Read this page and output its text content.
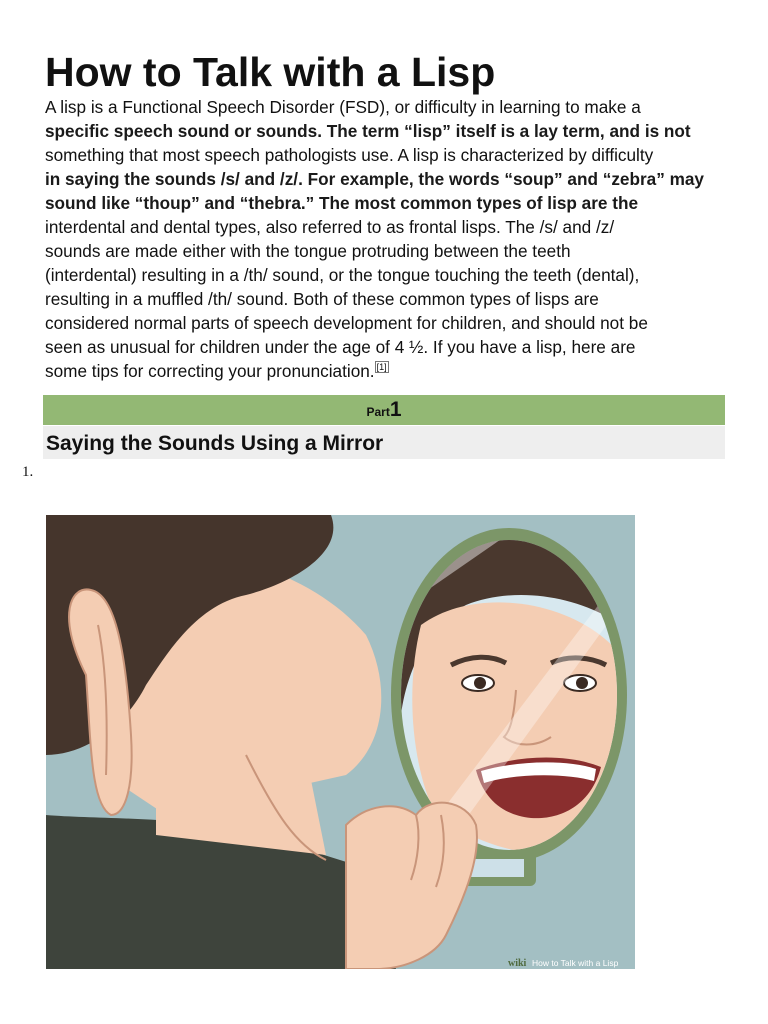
How to Talk with a Lisp
A lisp is a Functional Speech Disorder (FSD), or difficulty in learning to make a
specific speech sound or sounds. The term “lisp” itself is a lay term, and is not
something that most speech pathologists use. A lisp is characterized by difficulty
in saying the sounds /s/ and /z/. For example, the words “soup” and “zebra” may
sound like “thoup” and “thebra.” The most common types of lisp are the
interdental and dental types, also referred to as frontal lisps. The /s/ and /z/
sounds are made either with the tongue protruding between the teeth
(interdental) resulting in a /th/ sound, or the tongue touching the teeth (dental),
resulting in a muffled /th/ sound. Both of these common types of lisps are
considered normal parts of speech development for children, and should not be
seen as unusual for children under the age of 4 ½. If you have a lisp, here are
some tips for correcting your pronunciation. [1]
Part1
Saying the Sounds Using a Mirror
1.
wiki How to Talk with a Lisp
